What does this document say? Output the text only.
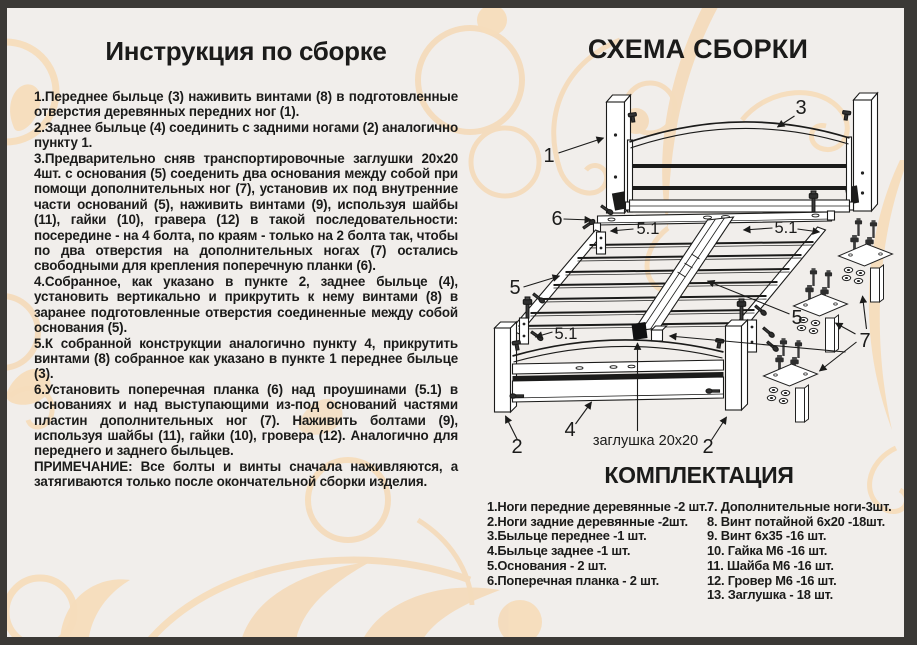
Инструкция по сборке

1.Переднее быльце (3) наживить винтами (8) в подготовленные отверстия деревянных передних ног (1).

2.Заднее быльце (4) соединить с задними ногами (2) аналогично пункту 1.

3.Предварительно сняв транспортировочные заглушки 20х20 4шт. с основания (5) соеденить два основания между собой при помощи дополнительных ног (7), установив их под внутренние части оснований (5), наживить винтами (9), используя шайбы (11), гайки (10), гравера (12) в такой последовательности: посередине - на 4 болта, по краям - только на 2 болта так, чтобы по два отверстия на дополнительных ногах (7) остались свободными для крепления поперечную планки (6).

4.Собранное, как указано в пункте 2, заднее быльце (4), установить вертикально и прикрутить к нему винтами (8) в заранее подготовленные отверстия соединенные между собой основания (5).

5.К собранной конструкции аналогично пункту 4, прикрутить винтами (8) собранное как указано в пункте 1 переднее быльце (3).

6.Установить поперечная планка (6) над проушинами (5.1) в основаниях и над выступающими из-под оснований частями пластин дополнительных ног (7). Наживить болтами (9), используя шайбы (11), гайки (10), гровера (12). Аналогично для переднего и заднего быльцев.

ПРИМЕЧАНИЕ: Все болты и винты сначала наживляются, а затягиваются только после окончательной сборки изделия.

СХЕМА СБОРКИ
1
3
6	5.1	5.1
5.1
5
5
4
2	2
7
заглушка 20х20
КОМПЛЕКТАЦИЯ
1.Ноги передние деревянные -2 шт.
2.Ноги задние деревянные -2шт.
3.Быльце переднее -1 шт.
4.Быльце заднее -1 шт.
5.Основания - 2 шт.
6.Поперечная планка - 2 шт.
7. Дополнительные ноги-3шт.
8. Винт потайной 6х20 -18шт.
9. Винт 6х35 -16 шт.
10. Гайка М6 -16 шт.
11. Шайба М6 -16 шт.
12. Гровер М6 -16 шт.
13. Заглушка - 18 шт.
